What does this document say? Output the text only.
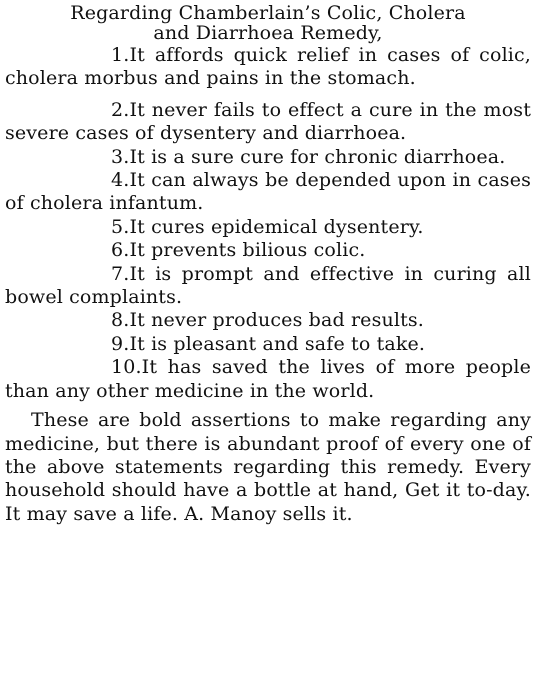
Regarding Chamberlain’s Colic, Cholera
and Diarrhoea Remedy,
1.It affords quick relief in cases of colic, cholera morbus and pains in the stomach.
2.It never fails to effect a cure in the most severe cases of dysentery and diarrhoea.
3.It is a sure cure for chronic diarrhoea.
4.It can always be depended upon in cases of cholera infantum.
5.It cures epidemical dysentery.
6.It prevents bilious colic.
7.It is prompt and effective in curing all bowel complaints.
8.It never produces bad results.
9.It is pleasant and safe to take.
10.It has saved the lives of more people than any other medicine in the world.

These are bold assertions to make regarding any medicine, but there is abundant proof of every one of the above statements regarding this remedy. Every household should have a bottle at hand, Get it to-day. It may save a life. A. Manoy sells it.
